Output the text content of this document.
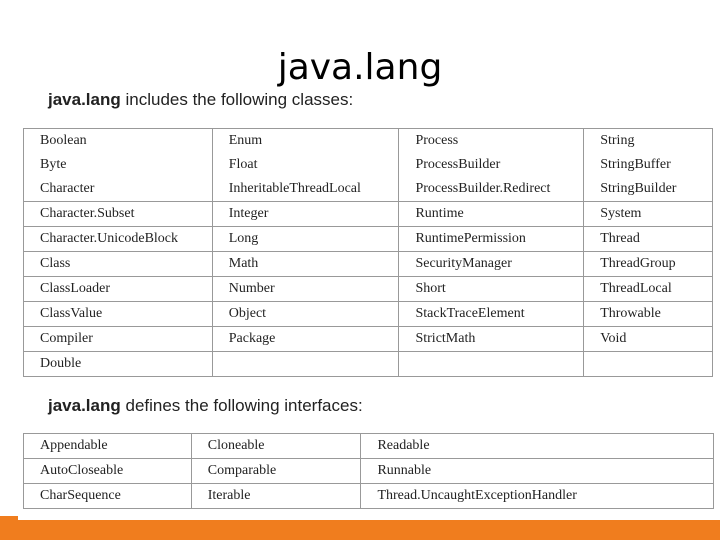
java.lang
java.lang includes the following classes:
Boolean	Enum	Process	String
Byte	Float	ProcessBuilder	StringBuffer
Character	InheritableThreadLocal	ProcessBuilder.Redirect	StringBuilder
Character.Subset	Integer	Runtime	System
Character.UnicodeBlock	Long	RuntimePermission	Thread
Class	Math	SecurityManager	ThreadGroup
ClassLoader	Number	Short	ThreadLocal
ClassValue	Object	StackTraceElement	Throwable
Compiler	Package	StrictMath	Void
Double			
java.lang defines the following interfaces:
Appendable	Cloneable	Readable
AutoCloseable	Comparable	Runnable
CharSequence	Iterable	Thread.UncaughtExceptionHandler
